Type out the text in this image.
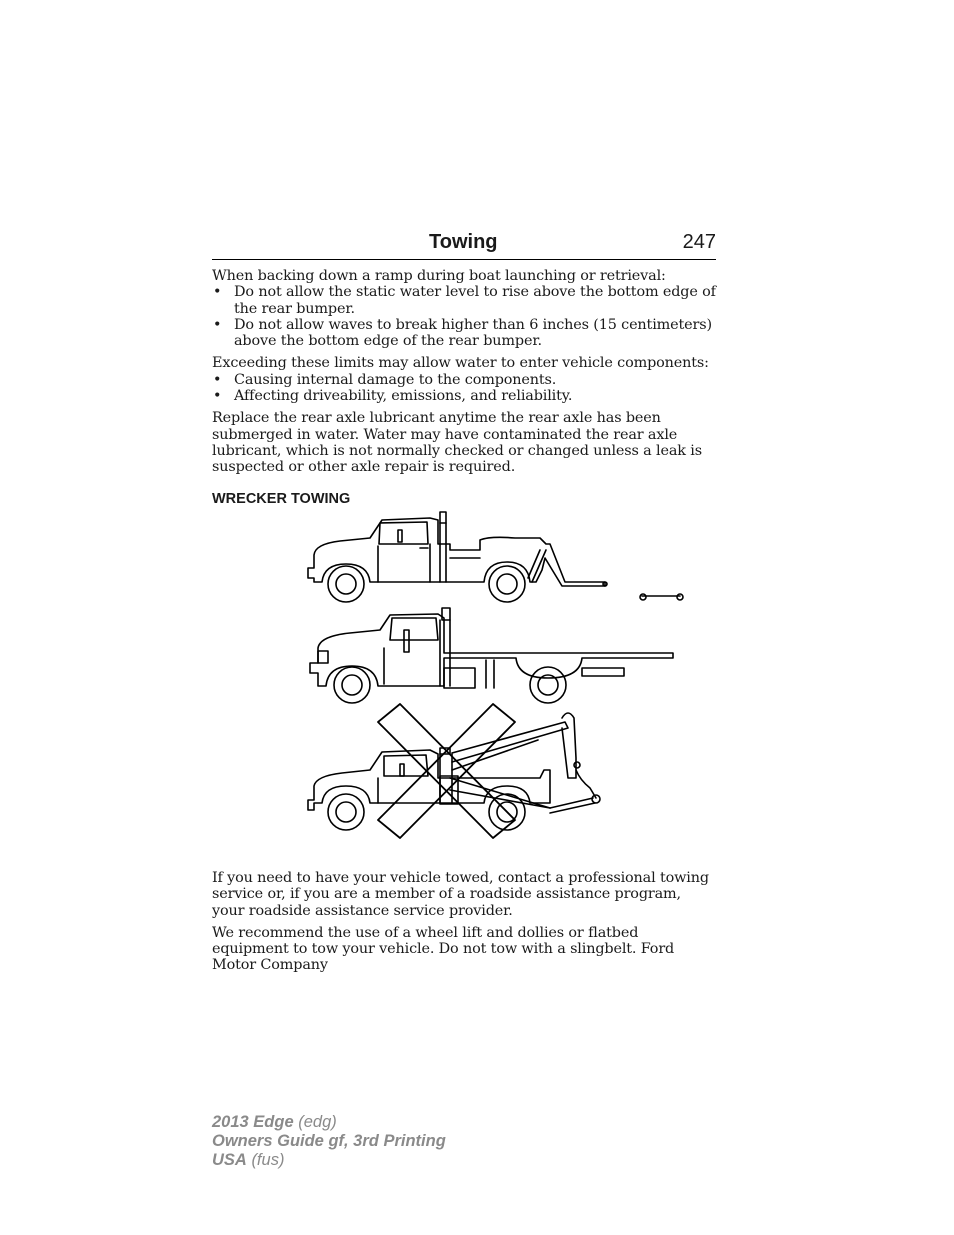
Towing	247

When backing down a ramp during boat launching or retrieval:

• Do not allow the static water level to rise above the bottom edge of the rear bumper.
• Do not allow waves to break higher than 6 inches (15 centimeters) above the bottom edge of the rear bumper.

Exceeding these limits may allow water to enter vehicle components:

• Causing internal damage to the components.
• Affecting driveability, emissions, and reliability.

Replace the rear axle lubricant anytime the rear axle has been submerged in water. Water may have contaminated the rear axle lubricant, which is not normally checked or changed unless a leak is suspected or other axle repair is required.

WRECKER TOWING

If you need to have your vehicle towed, contact a professional towing service or, if you are a member of a roadside assistance program, your roadside assistance service provider.

We recommend the use of a wheel lift and dollies or flatbed equipment to tow your vehicle. Do not tow with a slingbelt. Ford Motor Company

2013 Edge (edg)
Owners Guide gf, 3rd Printing
USA (fus)
